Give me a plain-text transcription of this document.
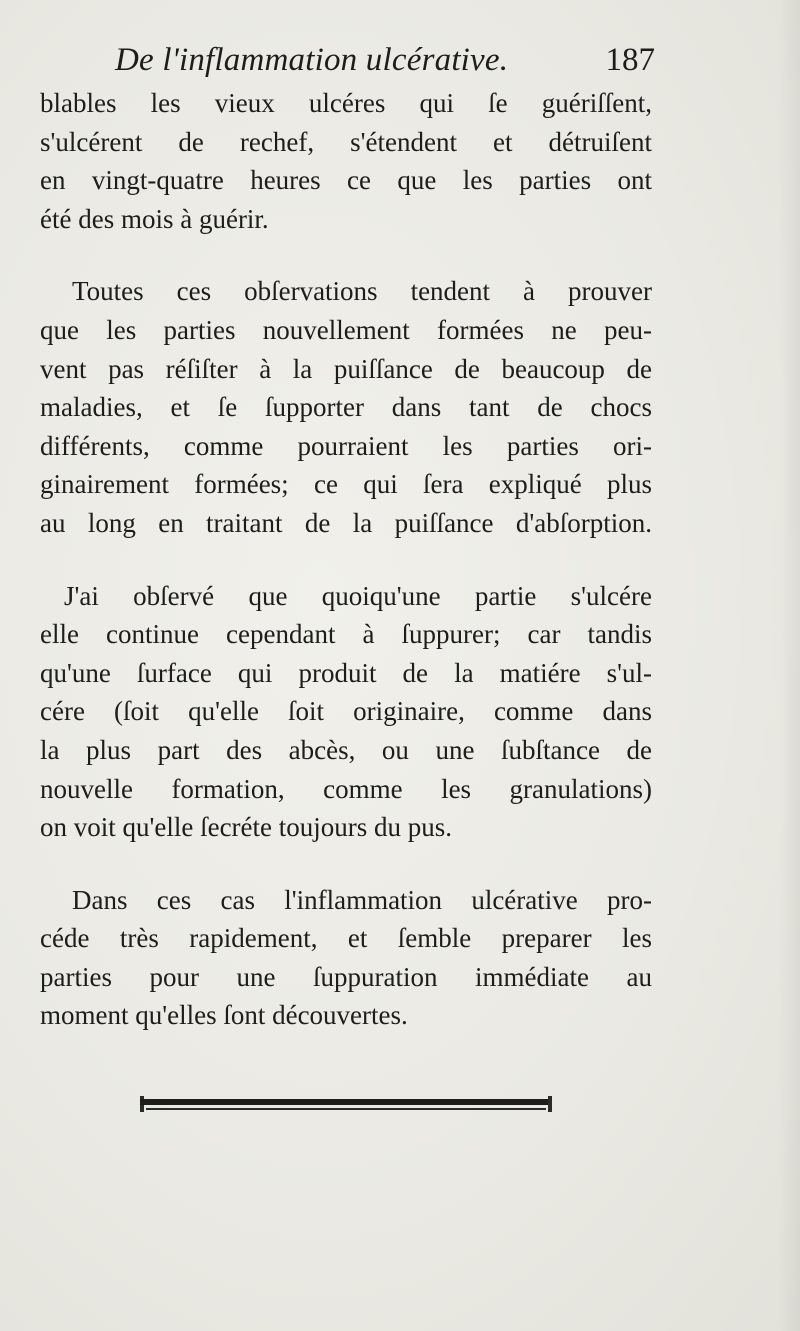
De l'inflammation ulcérative.	187
blables les vieux ulcéres qui ſe guériſſent,
s'ulcérent de rechef, s'étendent et détruiſent
en vingt-quatre heures ce que les parties ont
été des mois à guérir.
Toutes ces obſervations tendent à prouver
que les parties nouvellement formées ne peu-
vent pas réſiſter à la puiſſance de beaucoup de
maladies, et ſe ſupporter dans tant de chocs
différents, comme pourraient les parties ori-
ginairement formées; ce qui ſera expliqué plus
au long en traitant de la puiſſance d'abſorption.
J'ai obſervé que quoiqu'une partie s'ulcére
elle continue cependant à ſuppurer; car tandis
qu'une ſurface qui produit de la matiére s'ul-
cére (ſoit qu'elle ſoit originaire, comme dans
la plus part des abcès, ou une ſubſtance de
nouvelle formation, comme les granulations)
on voit qu'elle ſecréte toujours du pus.
Dans ces cas l'inflammation ulcérative pro-
céde très rapidement, et ſemble preparer les
parties pour une ſuppuration immédiate au
moment qu'elles ſont découvertes.
